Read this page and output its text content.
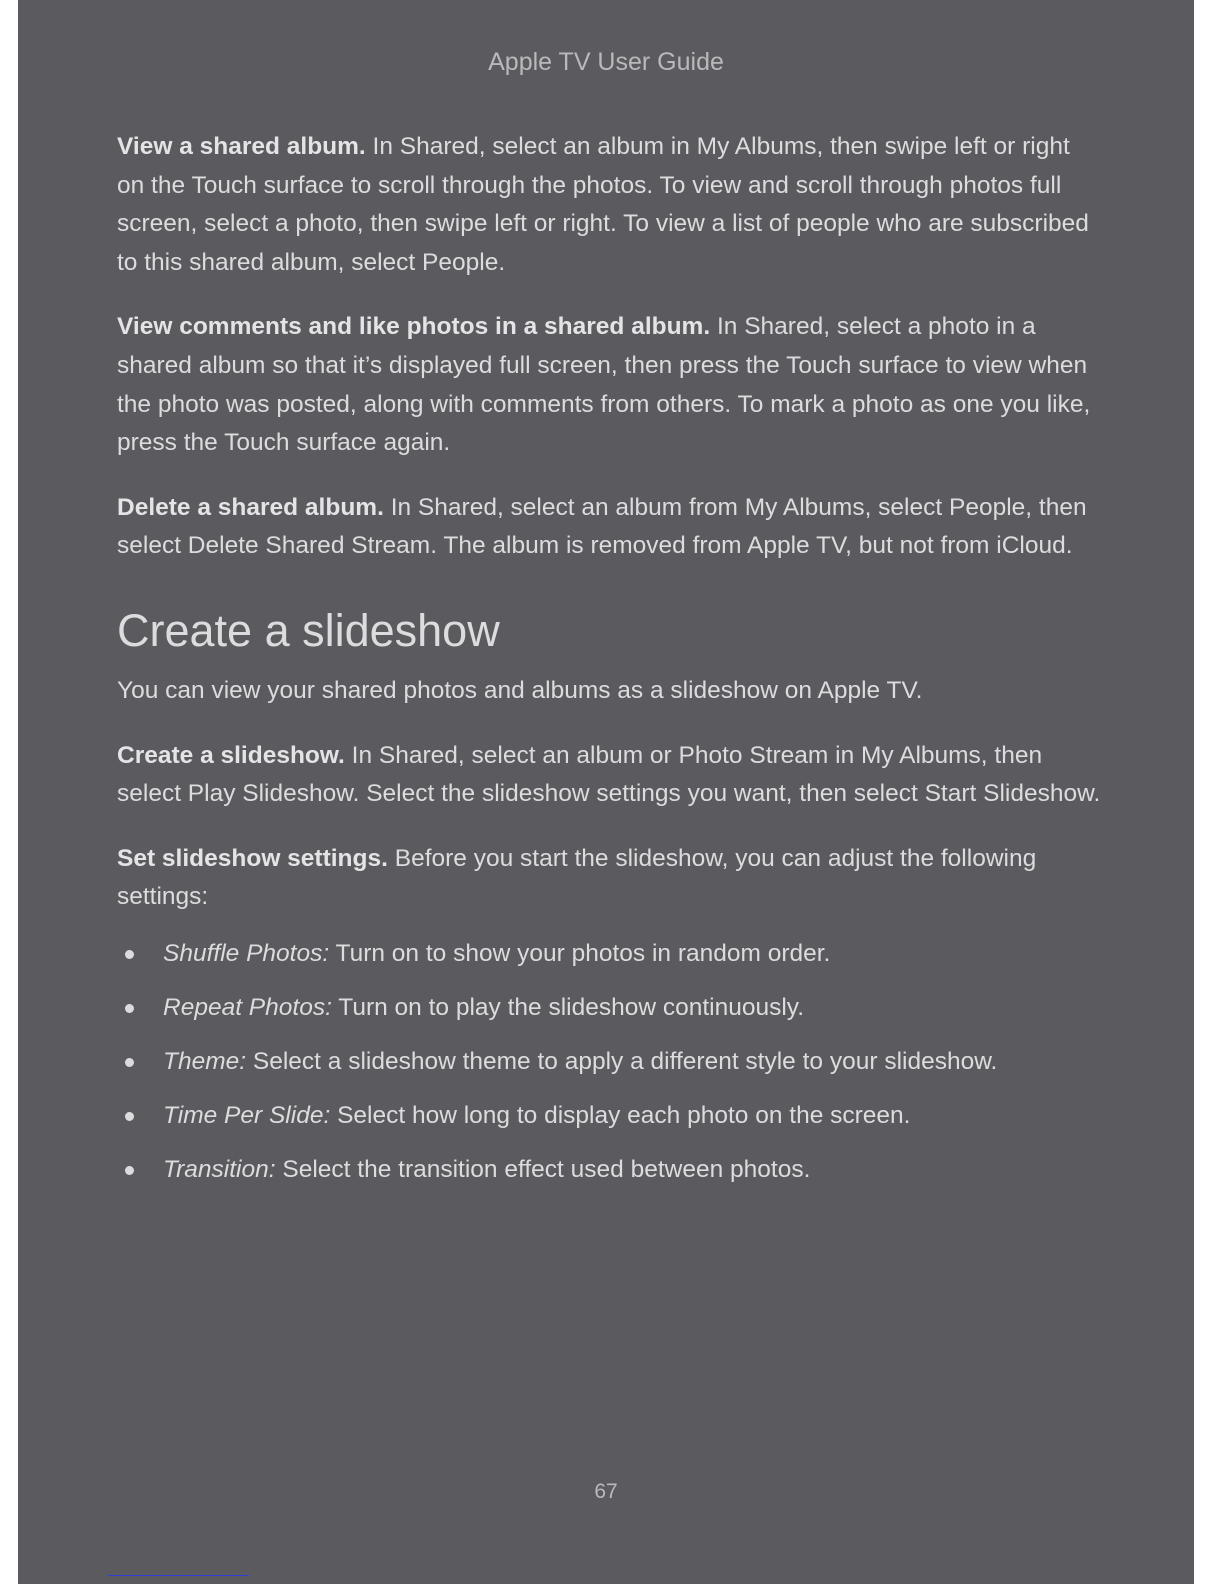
Apple TV User Guide

View a shared album. In Shared, select an album in My Albums, then swipe left or right on the Touch surface to scroll through the photos. To view and scroll through photos full screen, select a photo, then swipe left or right. To view a list of people who are subscribed to this shared album, select People.

View comments and like photos in a shared album. In Shared, select a photo in a shared album so that it’s displayed full screen, then press the Touch surface to view when the photo was posted, along with comments from others. To mark a photo as one you like, press the Touch surface again.

Delete a shared album. In Shared, select an album from My Albums, select People, then select Delete Shared Stream. The album is removed from Apple TV, but not from iCloud.

Create a slideshow

You can view your shared photos and albums as a slideshow on Apple TV.

Create a slideshow. In Shared, select an album or Photo Stream in My Albums, then select Play Slideshow. Select the slideshow settings you want, then select Start Slideshow.

Set slideshow settings. Before you start the slideshow, you can adjust the following settings:

Shuffle Photos: Turn on to show your photos in random order.
Repeat Photos: Turn on to play the slideshow continuously.
Theme: Select a slideshow theme to apply a different style to your slideshow.
Time Per Slide: Select how long to display each photo on the screen.
Transition: Select the transition effect used between photos.
67
